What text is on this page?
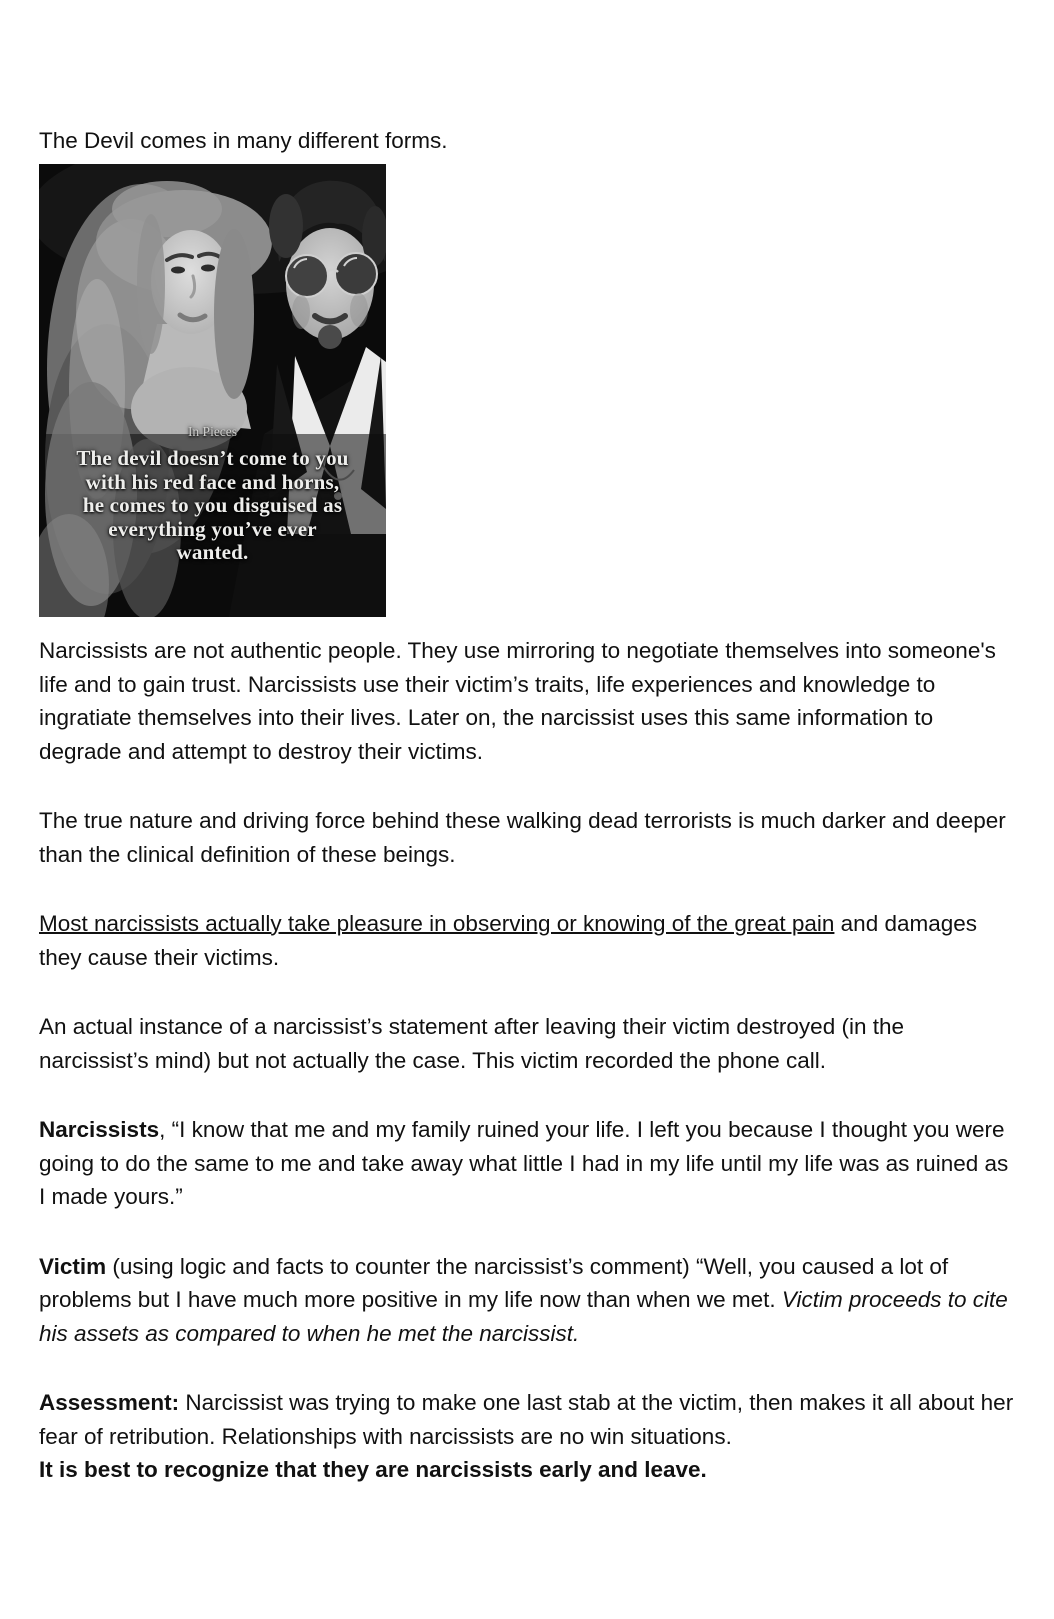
The Devil comes in many different forms.

In Pieces
The devil doesn’t come to you
with his red face and horns,
he comes to you disguised as
everything you’ve ever
wanted.

Narcissists are not authentic people. They use mirroring to negotiate themselves into someone's life and to gain trust. Narcissists use their victim’s traits, life experiences and knowledge to ingratiate themselves into their lives. Later on, the narcissist uses this same information to degrade and attempt to destroy their victims.

The true nature and driving force behind these walking dead terrorists is much darker and deeper than the clinical definition of these beings.

Most narcissists actually take pleasure in observing or knowing of the great pain and damages they cause their victims.

An actual instance of a narcissist’s statement after leaving their victim destroyed (in the narcissist’s mind) but not actually the case. This victim recorded the phone call.

Narcissists, “I know that me and my family ruined your life. I left you because I thought you were going to do the same to me and take away what little I had in my life until my life was as ruined as I made yours.”

Victim (using logic and facts to counter the narcissist’s comment) “Well, you caused a lot of problems but I have much more positive in my life now than when we met. Victim proceeds to cite his assets as compared to when he met the narcissist.

Assessment: Narcissist was trying to make one last stab at the victim, then makes it all about her fear of retribution. Relationships with narcissists are no win situations.
It is best to recognize that they are narcissists early and leave.
